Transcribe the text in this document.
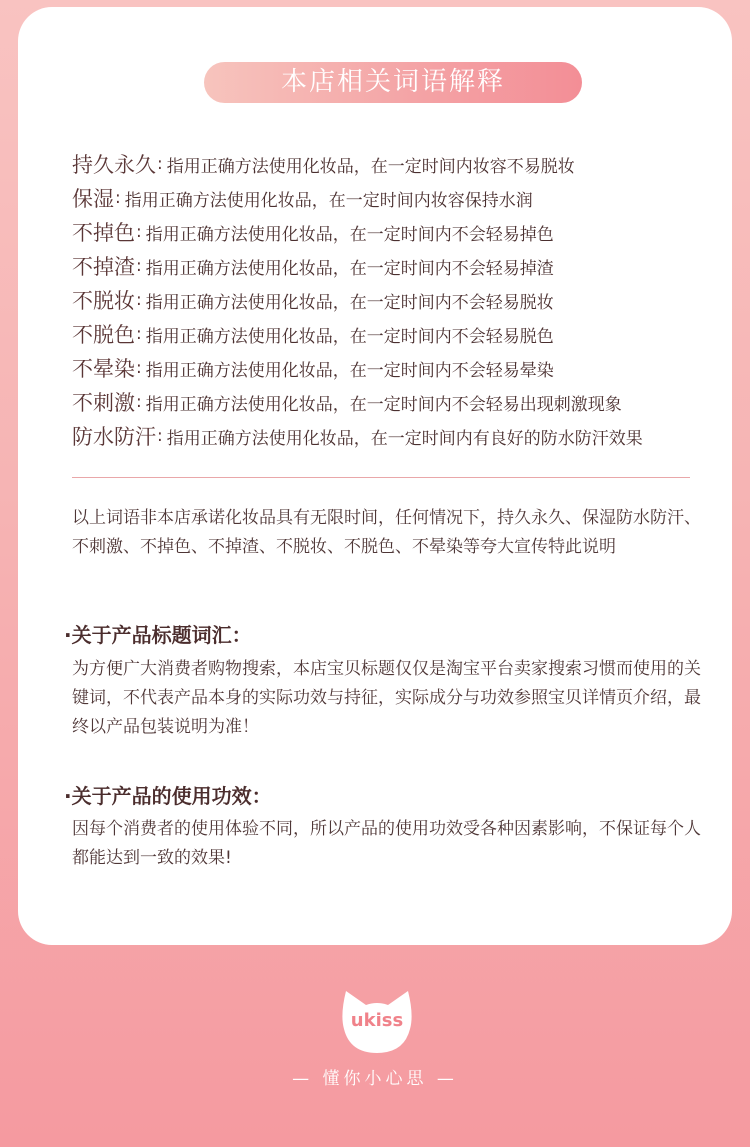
本店相关词语解释
持久永久 : 指用正确方法使用化妆品，在一定时间内妆容不易脱妆
保湿 : 指用正确方法使用化妆品，在一定时间内妆容保持水润
不掉色 : 指用正确方法使用化妆品，在一定时间内不会轻易掉色
不掉渣 : 指用正确方法使用化妆品，在一定时间内不会轻易掉渣
不脱妆 : 指用正确方法使用化妆品，在一定时间内不会轻易脱妆
不脱色 : 指用正确方法使用化妆品，在一定时间内不会轻易脱色
不晕染 : 指用正确方法使用化妆品，在一定时间内不会轻易晕染
不刺激 : 指用正确方法使用化妆品，在一定时间内不会轻易出现刺激现象
防水防汗 : 指用正确方法使用化妆品，在一定时间内有良好的防水防汗效果
以上词语非本店承诺化妆品具有无限时间，任何情况下，持久永久、保湿防水防汗、不刺激、不掉色、不掉渣、不脱妆、不脱色、不晕染等夸大宣传特此说明
·关于产品标题词汇：
为方便广大消费者购物搜索，本店宝贝标题仅仅是淘宝平台卖家搜索习惯而使用的关键词，不代表产品本身的实际功效与持征，实际成分与功效参照宝贝详情页介绍，最终以产品包装说明为准！
·关于产品的使用功效：
因每个消费者的使用体验不同，所以产品的使用功效受各种因素影响，不保证每个人都能达到一致的效果!
ukiss
— 懂你小心思 —
